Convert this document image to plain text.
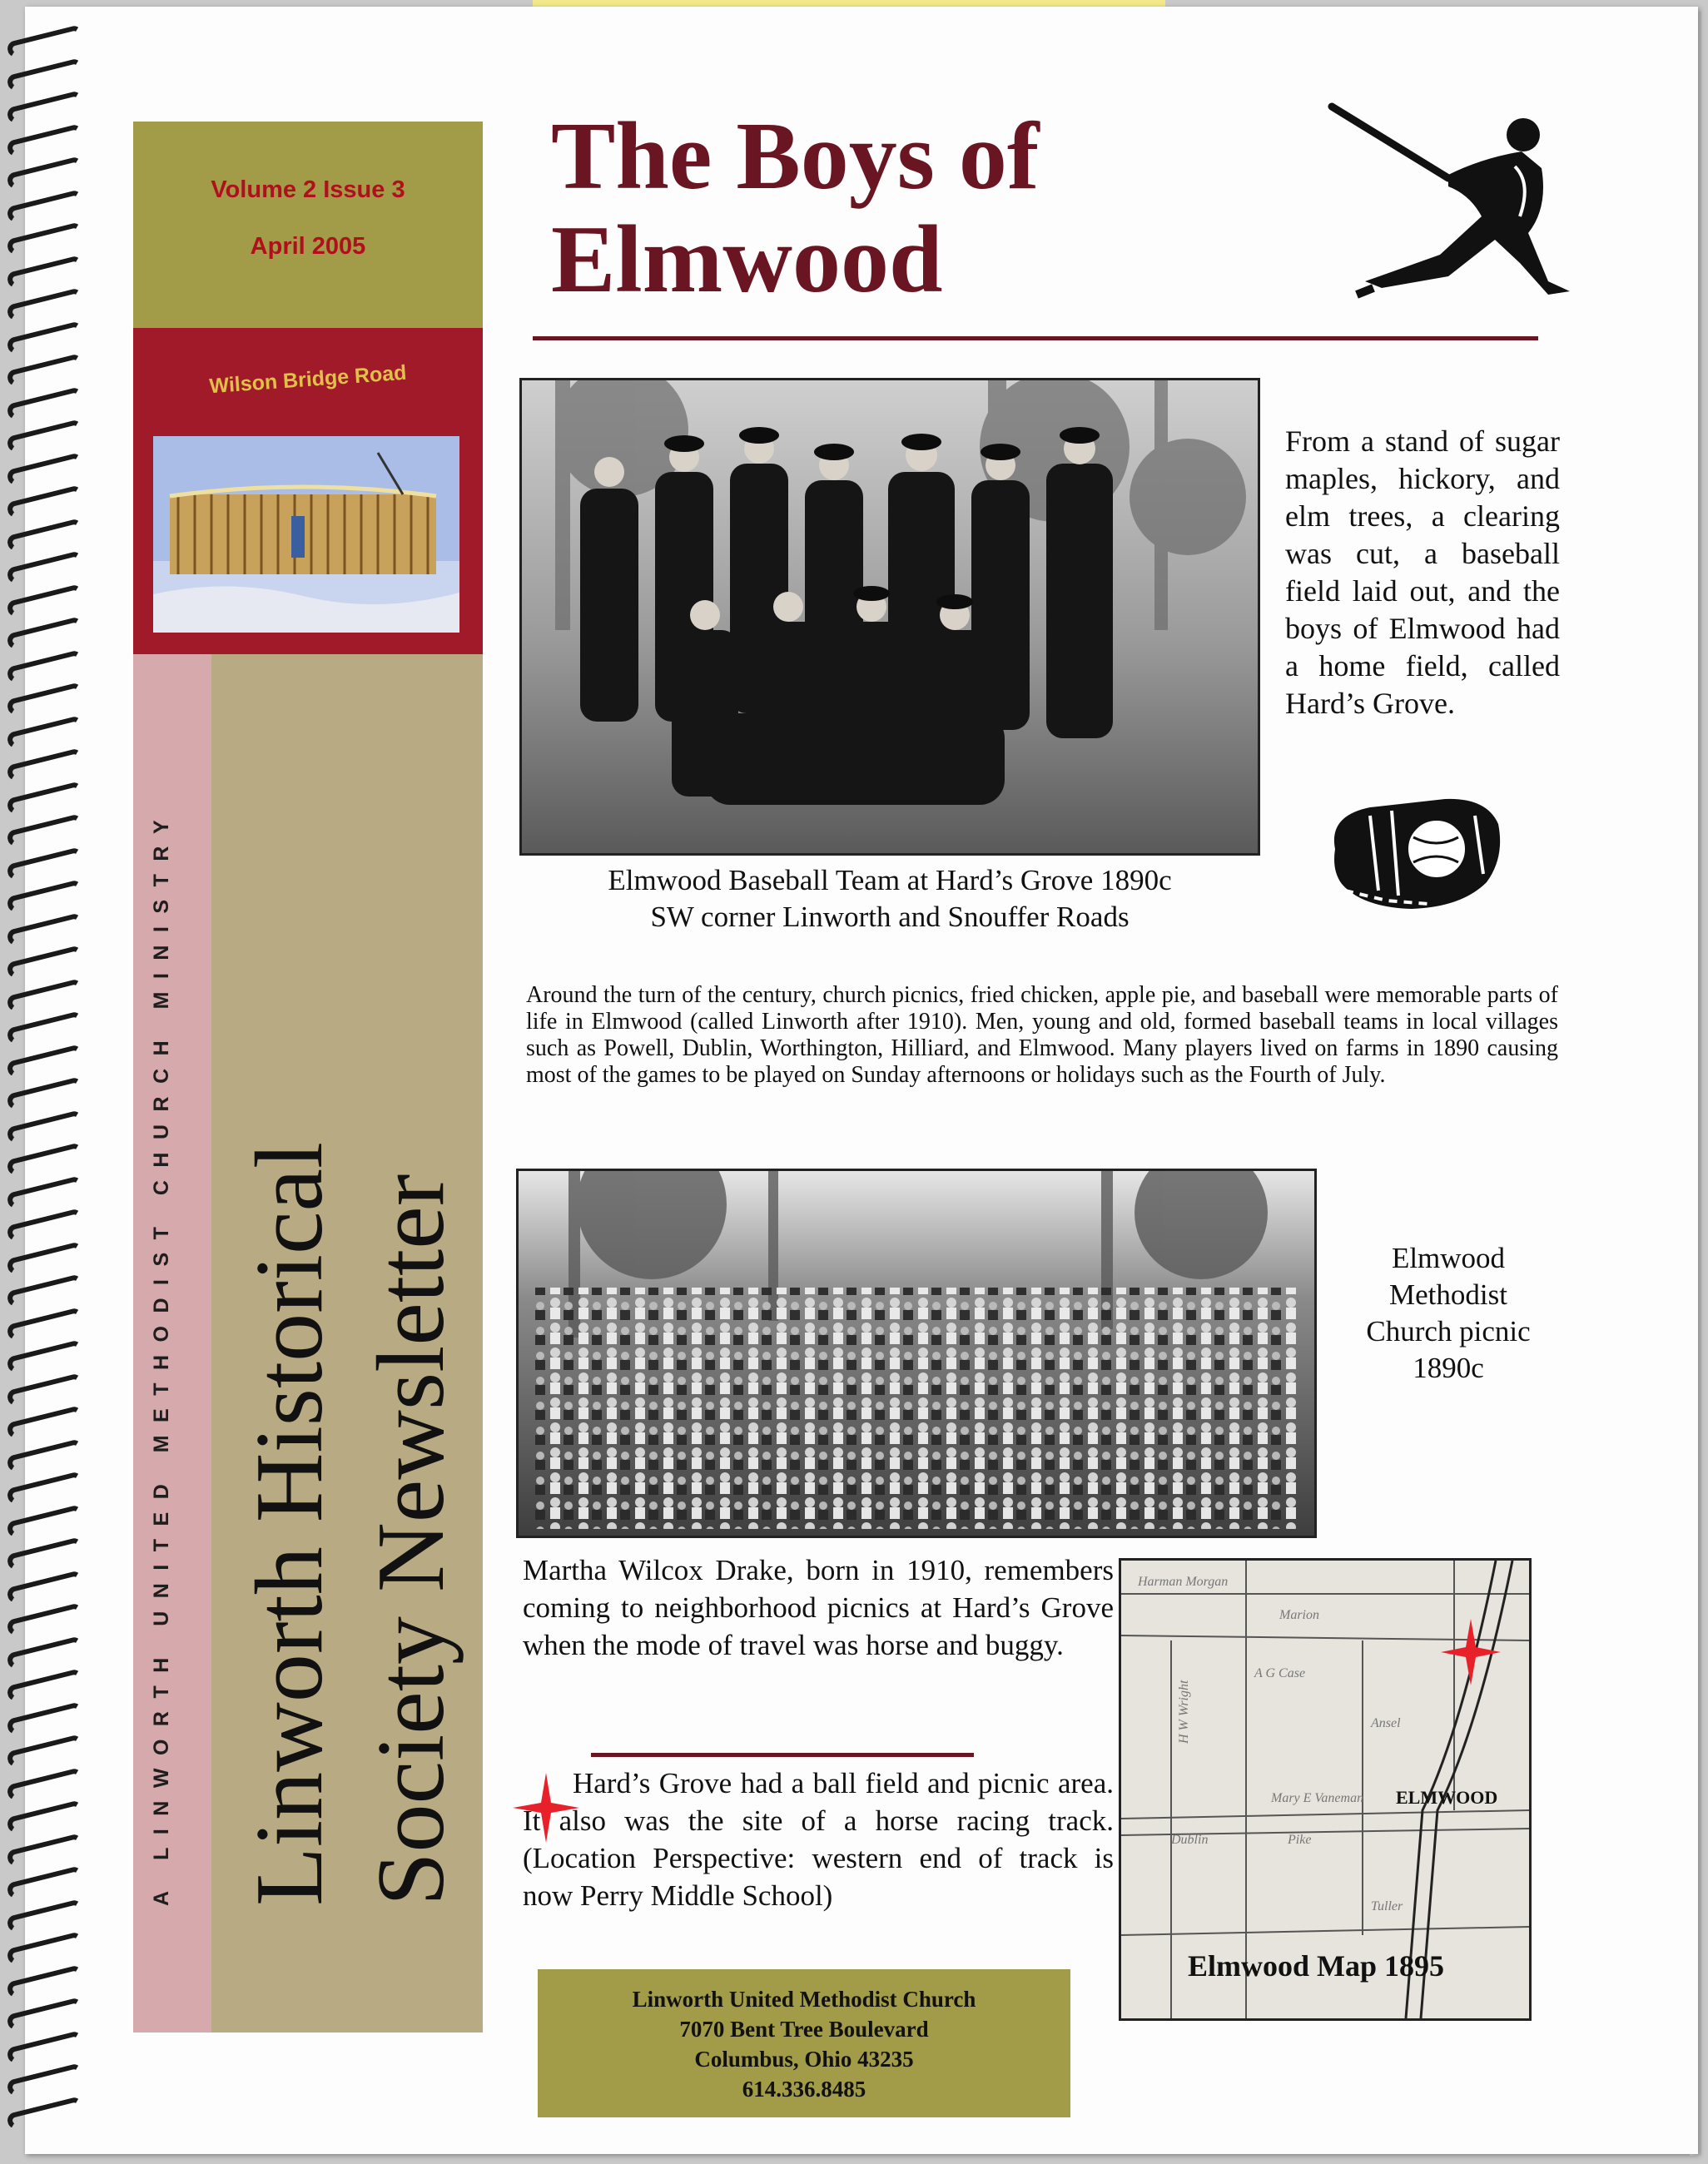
Volume 2 Issue 3
April 2005
Wilson Bridge Road
A LINWORTH UNITED METHODIST CHURCH MINISTRY Linworth Historical Society Newsletter
The Boys of
Elmwood
Elmwood Baseball Team at Hard’s Grove 1890c
SW corner Linworth and Snouffer Roads
From a stand of sugar maples, hickory, and elm trees, a clearing was cut, a baseball field laid out, and the boys of Elmwood had a home field, called Hard’s Grove.
Around the turn of the century, church picnics, fried chicken, apple pie, and baseball were memorable parts of life in Elmwood (called Linworth after 1910). Men, young and old, formed baseball teams in local villages such as Powell, Dublin, Worthington, Hilliard, and Elmwood. Many players lived on farms in 1890 causing most of the games to be played on Sunday afternoons or holidays such as the Fourth of July.
Elmwood
Methodist
Church picnic
1890c
Martha Wilcox Drake, born in 1910, remembers coming to neighborhood picnics at Hard’s Grove when the mode of travel was horse and buggy.
Hard’s Grove had a ball field and picnic area. It also was the site of a horse racing track. (Location Perspective: western end of track is now Perry Middle School)
Harman Morgan
Marion
A G Case
Ansel
Mary E Vaneman
Tuller
H W Wright
Dublin	Pike
ELMWOOD
Elmwood Map 1895
Linworth United Methodist Church
7070 Bent Tree Boulevard
Columbus, Ohio 43235
614.336.8485
